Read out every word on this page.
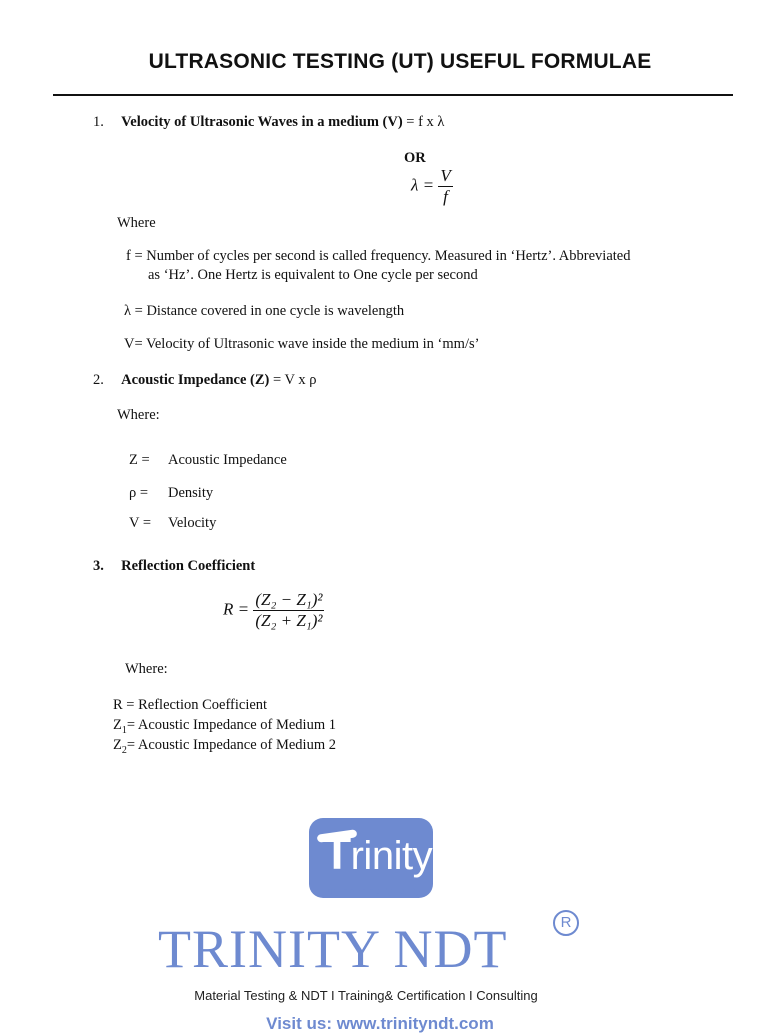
ULTRASONIC TESTING (UT) USEFUL FORMULAE
1. Velocity of Ultrasonic Waves in a medium (V) = f x λ
OR
$\lambda = \frac{V}{f}$
Where
f = Number of cycles per second is called frequency. Measured in ‘Hertz’. Abbreviated
as ‘Hz’. One Hertz is equivalent to One cycle per second
λ = Distance covered in one cycle is wavelength
V= Velocity of Ultrasonic wave inside the medium in ‘mm/s’
2. Acoustic Impedance (Z) = V x ρ
Where:
Z = Acoustic Impedance
ρ = Density
V = Velocity
3. Reflection Coefficient
$R = \frac{\text{(Z₂ − Z₁)²}}{\text{(Z₂ + Z₁)²}}$
Where:
R = Reflection Coefficient
$Z_1=$ Acoustic Impedance of Medium 1
$Z_2=$ Acoustic Impedance of Medium 2
Trinity
Engineering Quality
TRINITY NDT	R
Material Testing & NDT I Training& Certification I Consulting
Visit us: www.trinityndt.com
